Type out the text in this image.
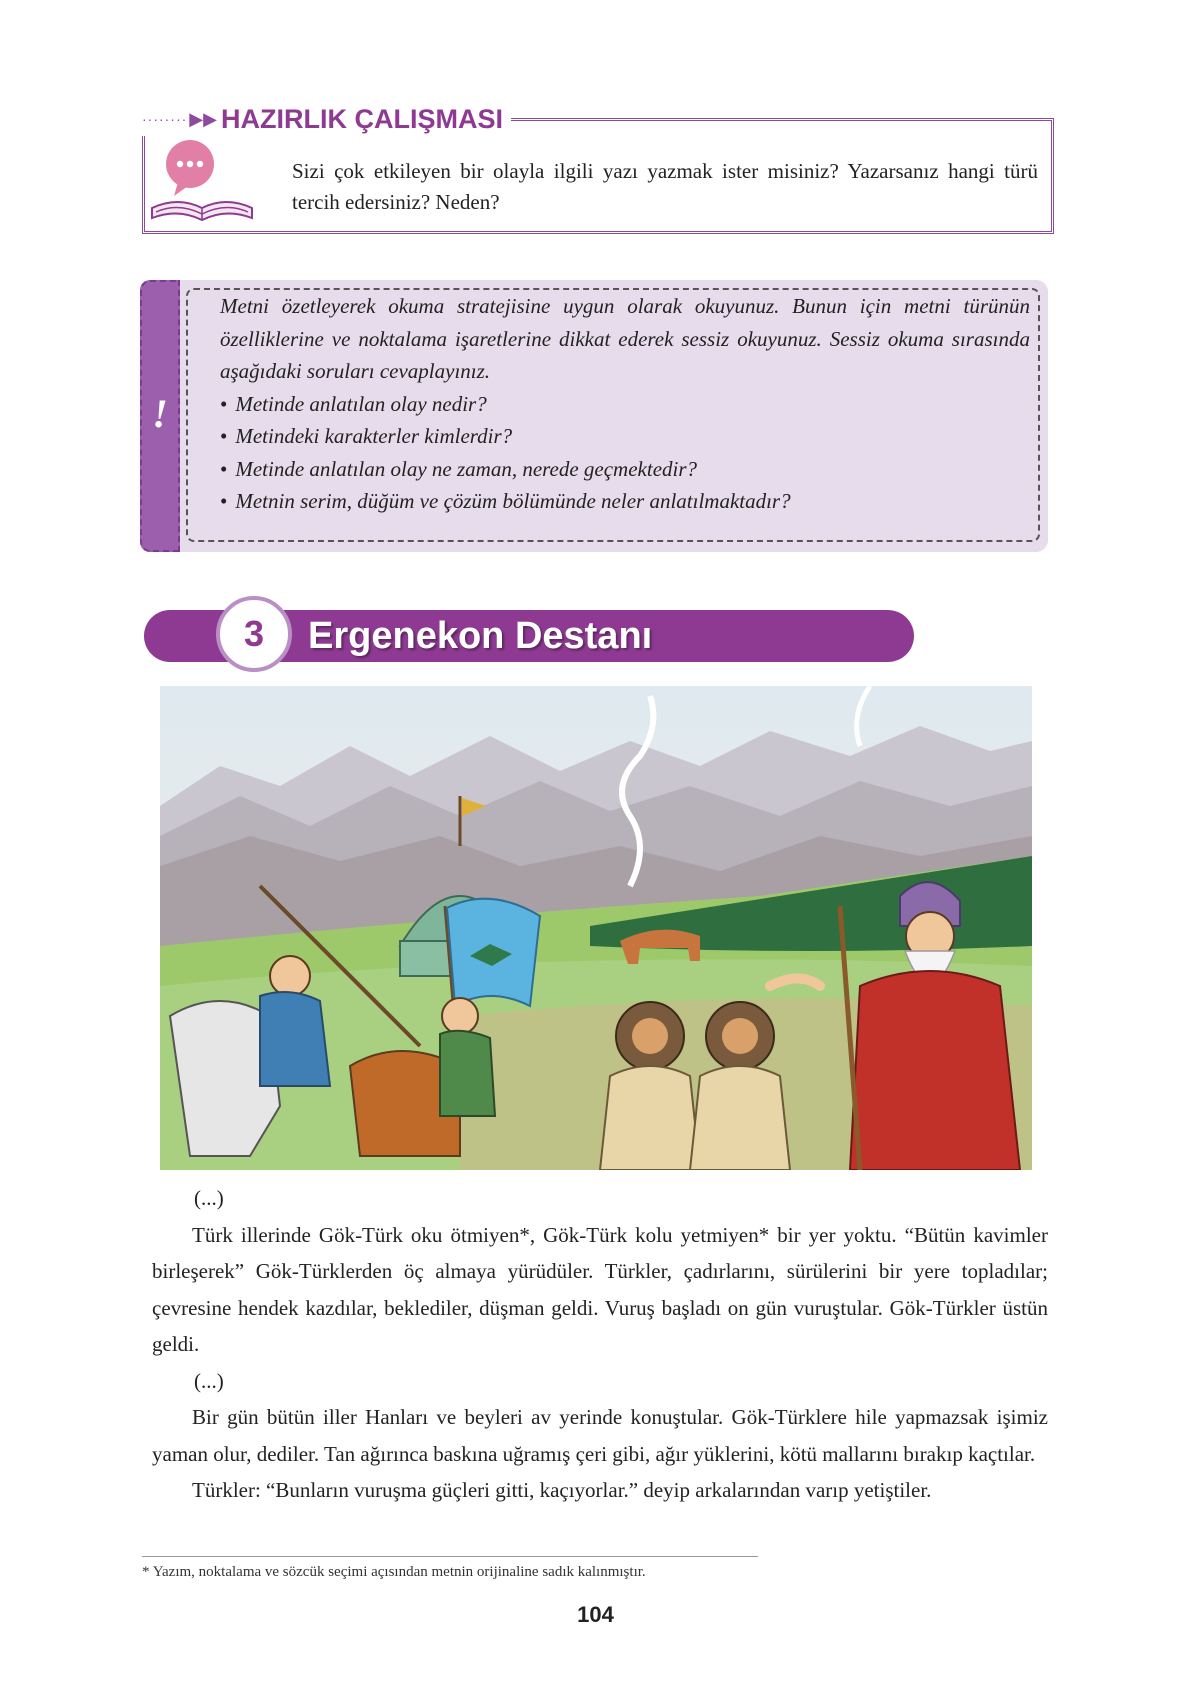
········ ▶▶ HAZIRLIK ÇALIŞMASI
Sizi çok etkileyen bir olayla ilgili yazı yazmak ister misiniz? Yazarsanız hangi türü tercih edersiniz? Neden?
!
Metni özetleyerek okuma stratejisine uygun olarak okuyunuz. Bunun için metni türünün özelliklerine ve noktalama işaretlerine dikkat ederek sessiz okuyunuz. Sessiz okuma sırasında aşağıdaki soruları cevaplayınız.
• Metinde anlatılan olay nedir?
• Metindeki karakterler kimlerdir?
• Metinde anlatılan olay ne zaman, nerede geçmektedir?
• Metnin serim, düğüm ve çözüm bölümünde neler anlatılmaktadır?
3 Ergenekon Destanı

(...)

Türk illerinde Gök-Türk oku ötmiyen*, Gök-Türk kolu yetmiyen* bir yer yoktu. “Bütün kavimler birleşerek” Gök-Türklerden öç almaya yürüdüler. Türkler, çadırlarını, sürülerini bir yere topladılar; çevresine hendek kazdılar, beklediler, düşman geldi. Vuruş başladı on gün vuruştular. Gök-Türkler üstün geldi.

(...)

Bir gün bütün iller Hanları ve beyleri av yerinde konuştular. Gök-Türklere hile yapmazsak işimiz yaman olur, dediler. Tan ağırınca baskına uğramış çeri gibi, ağır yüklerini, kötü mallarını bırakıp kaçtılar.

Türkler: “Bunların vuruşma güçleri gitti, kaçıyorlar.” deyip arkalarından varıp yetiştiler.

* Yazım, noktalama ve sözcük seçimi açısından metnin orijinaline sadık kalınmıştır.
104
